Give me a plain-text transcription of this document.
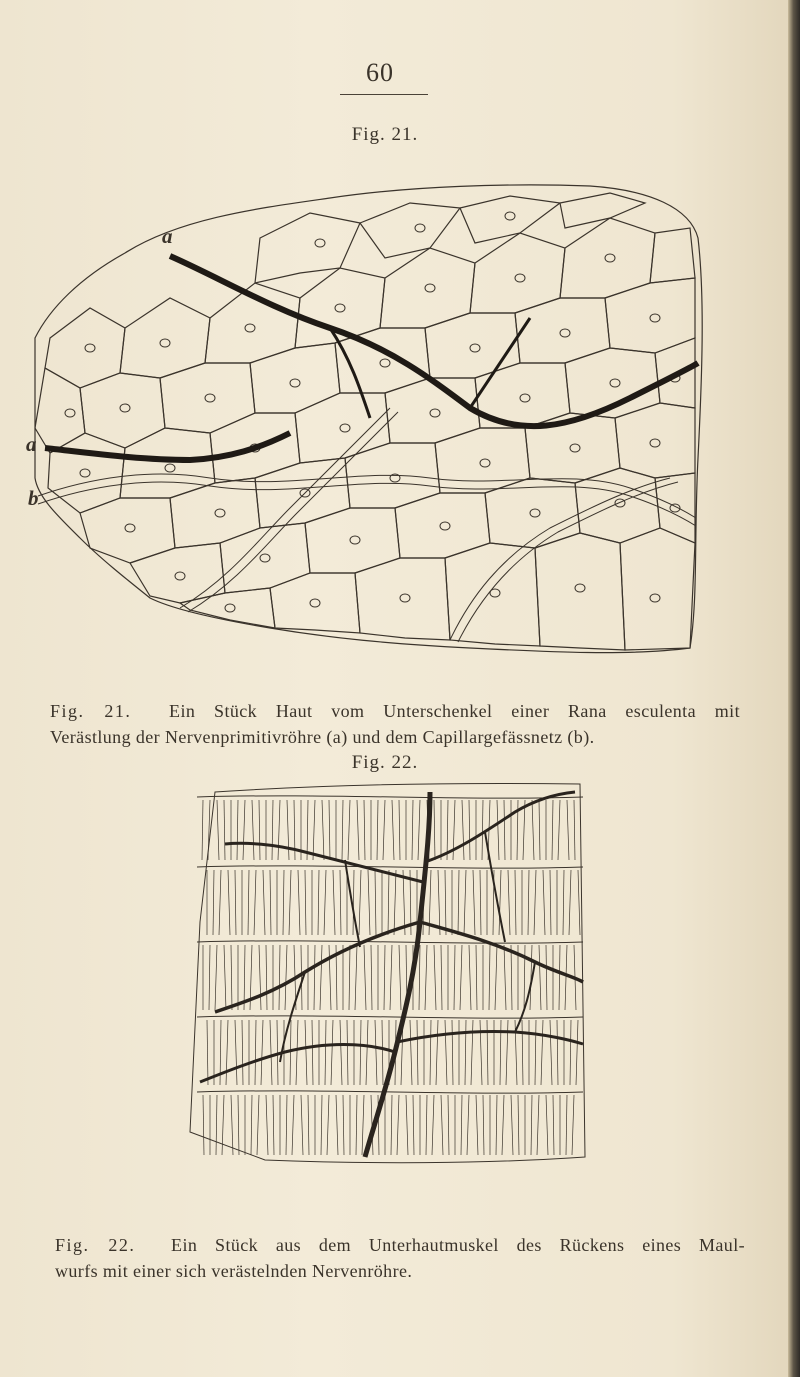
60
Fig. 21.
a
a
b
Fig. 21. Ein Stück Haut vom Unterschenkel einer Rana esculenta mit
Verästlung der Nervenprimitivröhre (a) und dem Capillargefässnetz (b).
Fig. 22.
Fig. 22. Ein Stück aus dem Unterhautmuskel des Rückens eines Maul-
wurfs mit einer sich verästelnden Nervenröhre.
